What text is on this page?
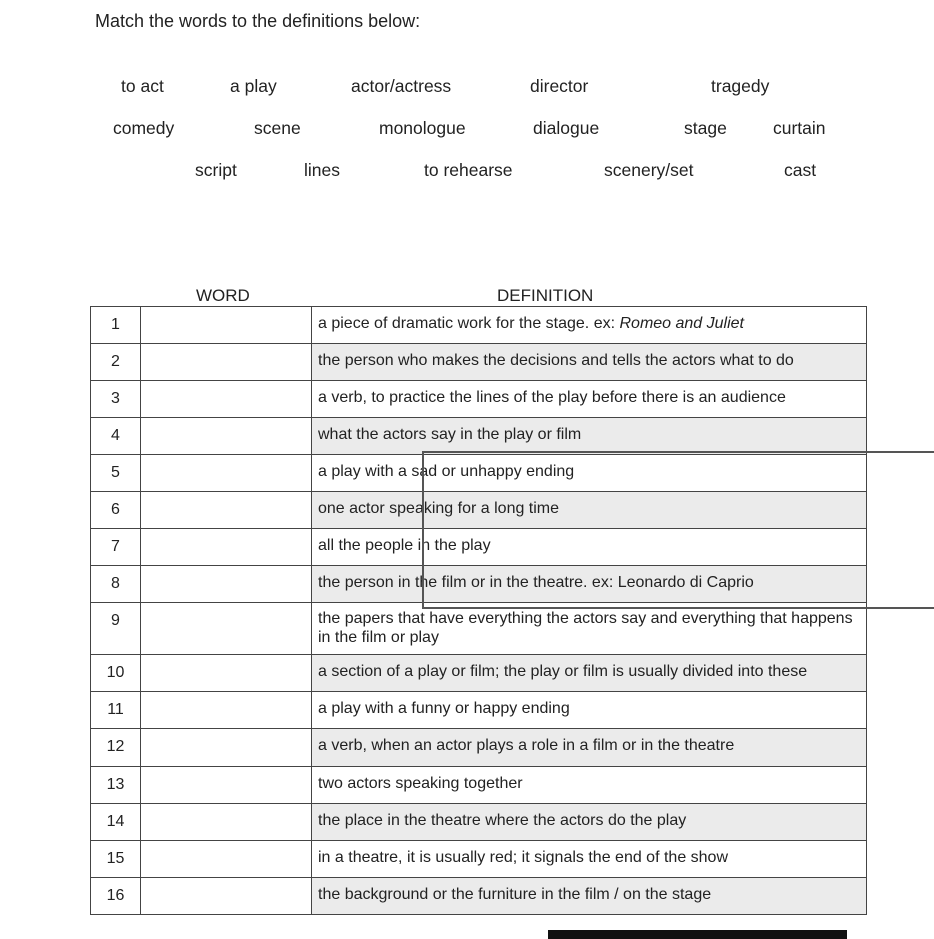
Match the words to the definitions below:
to act	a play	actor/actress	director	tragedy
comedy	scene	monologue	dialogue	stage	curtain
script	lines	to rehearse	scenery/set	cast
WORD	DEFINITION
1		a piece of dramatic work for the stage. ex: Romeo and Juliet
2		the person who makes the decisions and tells the actors what to do
3		a verb, to practice the lines of the play before there is an audience
4		what the actors say in the play or film
5		a play with a sad or unhappy ending
6		one actor speaking for a long time
7		all the people in the play
8		the person in the film or in the theatre. ex: Leonardo di Caprio
9		the papers that have everything the actors say and everything that happens in the film or play
10		a section of a play or film; the play or film is usually divided into these
11		a play with a funny or happy ending
12		a verb, when an actor plays a role in a film or in the theatre
13		two actors speaking together
14		the place in the theatre where the actors do the play
15		in a theatre, it is usually red; it signals the end of the show
16		the background or the furniture in the film / on the stage
